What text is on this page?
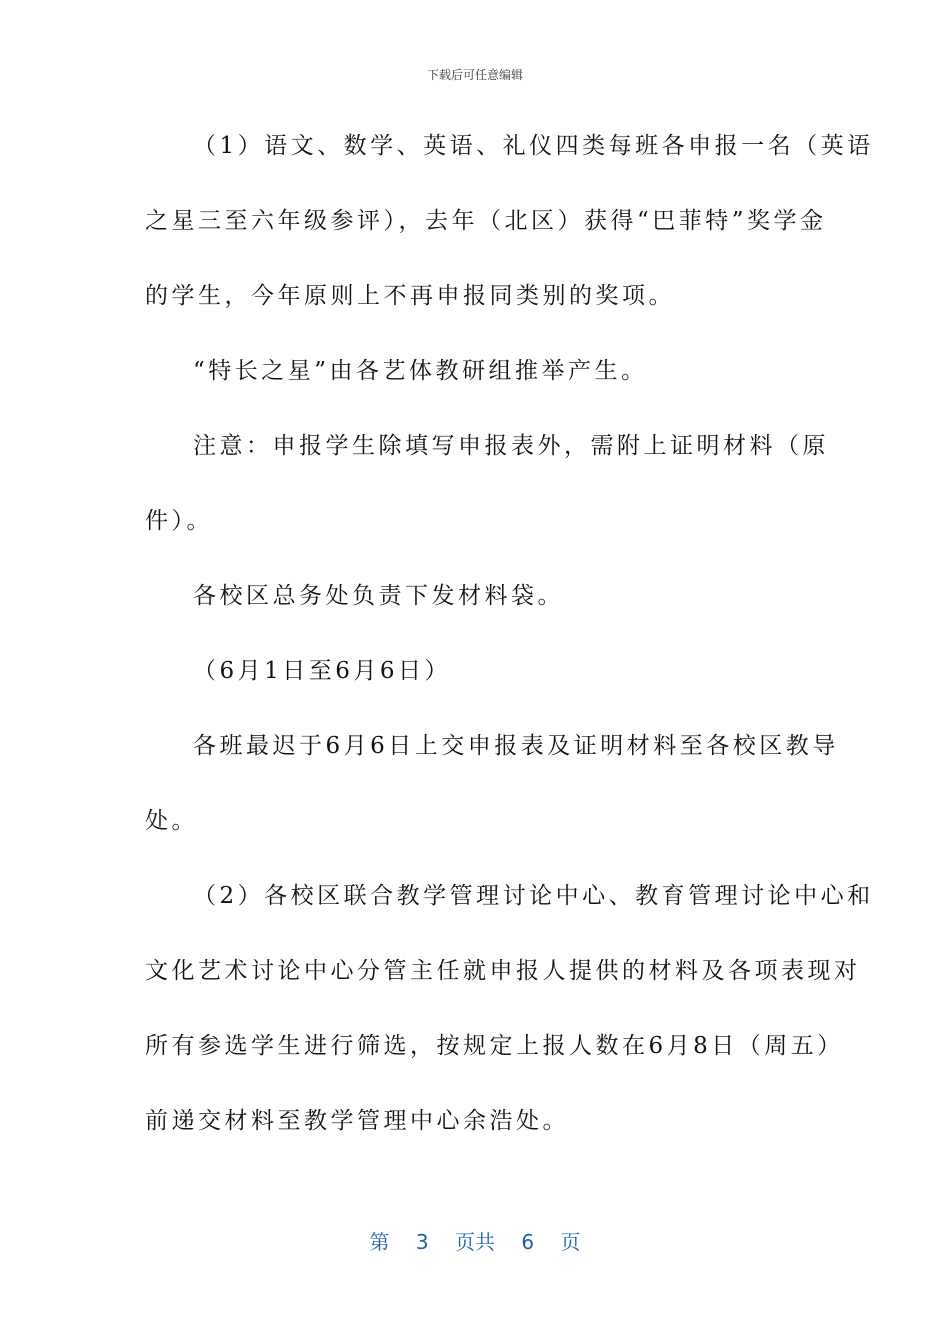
下载后可任意编辑
（1）语文、数学、英语、礼仪四类每班各申报一名（英语
之星三至六年级参评），去年（北区）获得“巴菲特”奖学金
的学生，今年原则上不再申报同类别的奖项。
“特长之星”由各艺体教研组推举产生。
注意：申报学生除填写申报表外，需附上证明材料（原
件）。
各校区总务处负责下发材料袋。
（6月1日至6月6日）
各班最迟于6月6日上交申报表及证明材料至各校区教导
处。
（2）各校区联合教学管理讨论中心、教育管理讨论中心和
文化艺术讨论中心分管主任就申报人提供的材料及各项表现对
所有参选学生进行筛选，按规定上报人数在6月8日（周五）
前递交材料至教学管理中心余浩处。
第 3 页共 6 页
